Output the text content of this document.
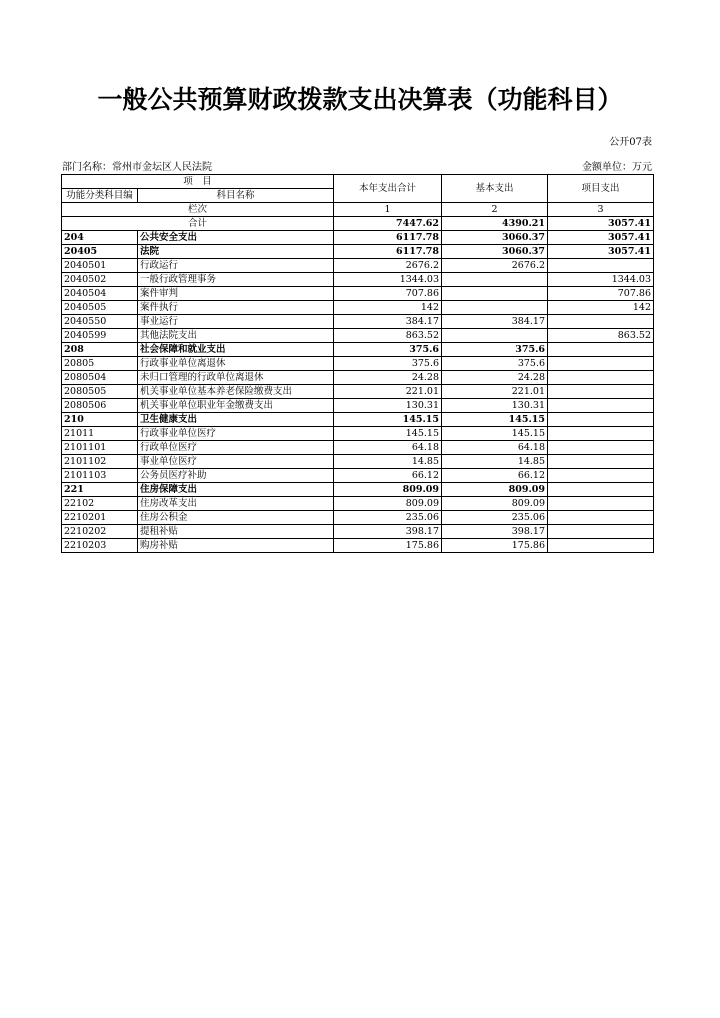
一般公共预算财政拨款支出决算表（功能科目）
公开07表
部门名称：常州市金坛区人民法院	金额单位：万元
项　目		本年支出合计	基本支出	项目支出
功能分类科目编	科目名称			
栏次		1	2	3
合计		7447.62	4390.21	3057.41
204	公共安全支出	6117.78	3060.37	3057.41
20405	法院	6117.78	3060.37	3057.41
2040501	行政运行	2676.2	2676.2	
2040502	一般行政管理事务	1344.03		1344.03
2040504	案件审判	707.86		707.86
2040505	案件执行	142		142
2040550	事业运行	384.17	384.17	
2040599	其他法院支出	863.52		863.52
208	社会保障和就业支出	375.6	375.6	
20805	行政事业单位离退休	375.6	375.6	
2080504	未归口管理的行政单位离退休	24.28	24.28	
2080505	机关事业单位基本养老保险缴费支出	221.01	221.01	
2080506	机关事业单位职业年金缴费支出	130.31	130.31	
210	卫生健康支出	145.15	145.15	
21011	行政事业单位医疗	145.15	145.15	
2101101	行政单位医疗	64.18	64.18	
2101102	事业单位医疗	14.85	14.85	
2101103	公务员医疗补助	66.12	66.12	
221	住房保障支出	809.09	809.09	
22102	住房改革支出	809.09	809.09	
2210201	住房公积金	235.06	235.06	
2210202	提租补贴	398.17	398.17	
2210203	购房补贴	175.86	175.86	
